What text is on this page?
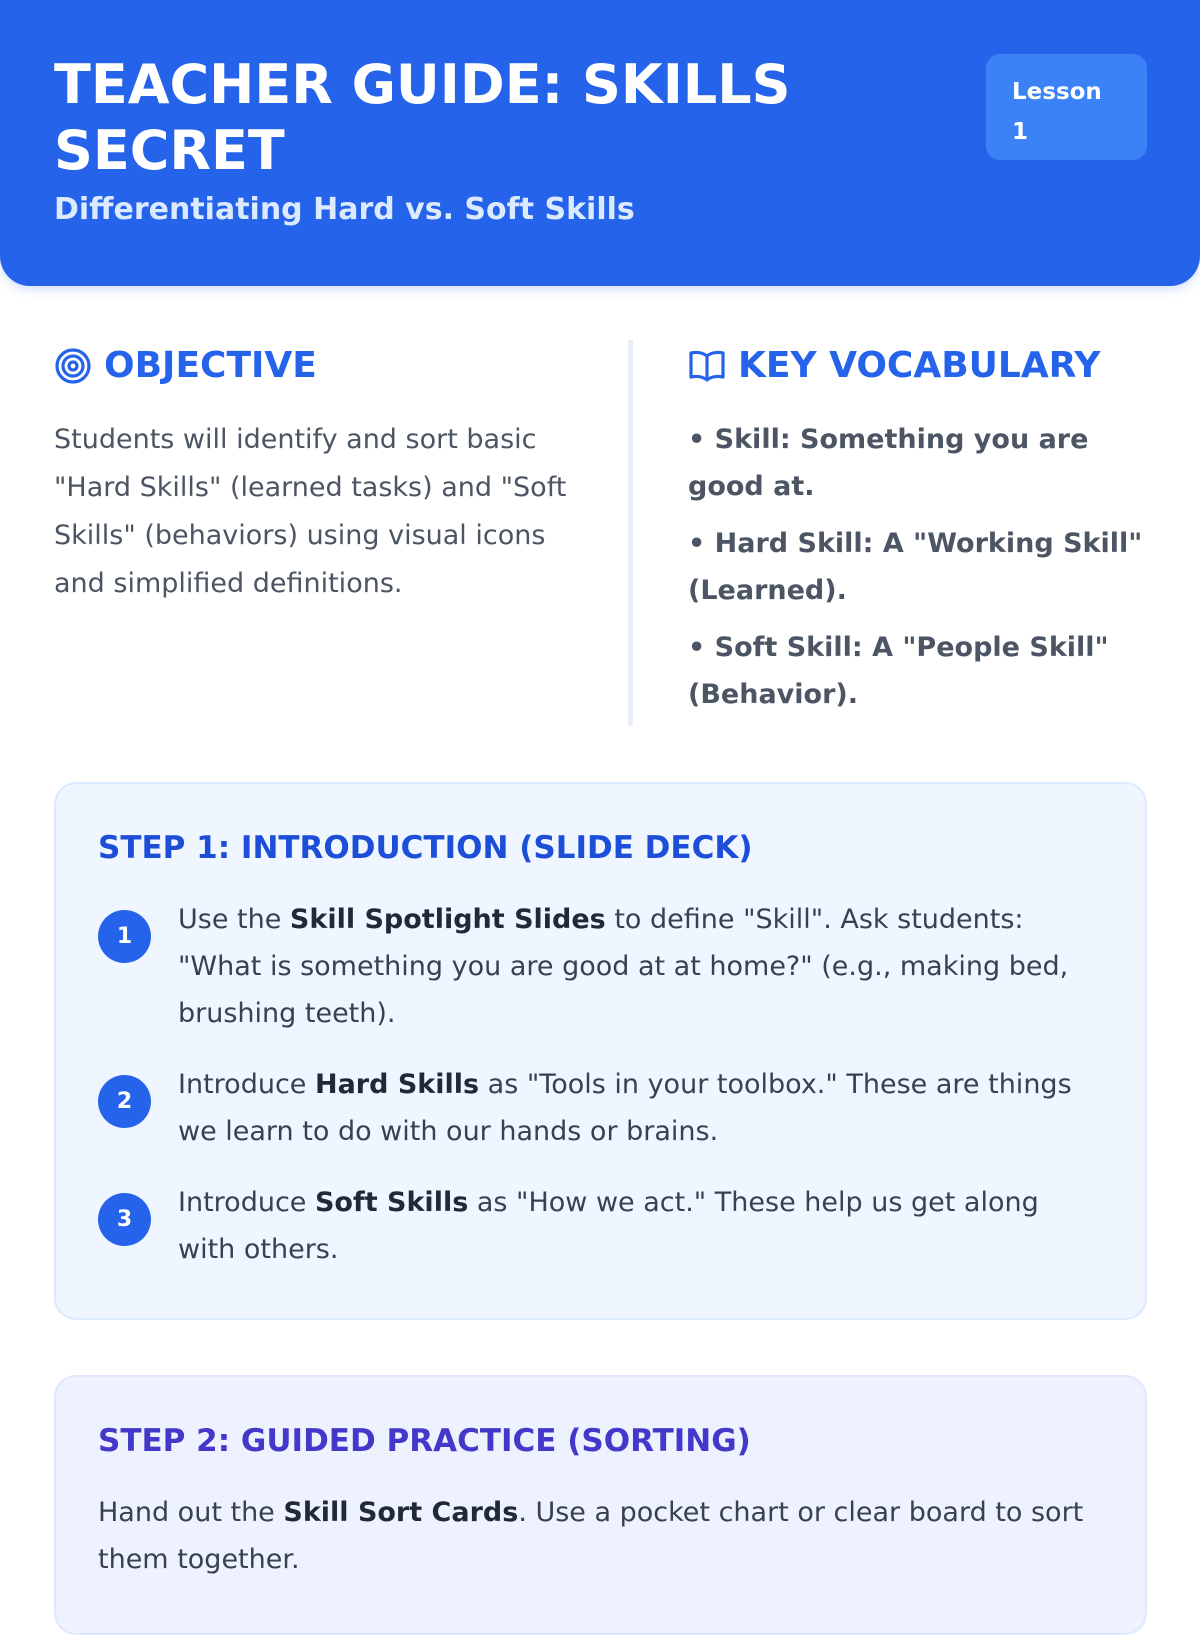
TEACHER GUIDE: SKILLS SECRET
Differentiating Hard vs. Soft Skills
Lesson 1
OBJECTIVE

Students will identify and sort basic "Hard Skills" (learned tasks) and "Soft Skills" (behaviors) using visual icons and simplified definitions.

KEY VOCABULARY
• Skill: Something you are good at.
• Hard Skill: A "Working Skill" (Learned).
• Soft Skill: A "People Skill" (Behavior).
STEP 1: INTRODUCTION (SLIDE DECK)
1

Use the Skill Spotlight Slides to define "Skill". Ask students: "What is something you are good at at home?" (e.g., making bed, brushing teeth).

2

Introduce Hard Skills as "Tools in your toolbox." These are things we learn to do with our hands or brains.

3

Introduce Soft Skills as "How we act." These help us get along with others.

STEP 2: GUIDED PRACTICE (SORTING)

Hand out the Skill Sort Cards. Use a pocket chart or clear board to sort them together.
